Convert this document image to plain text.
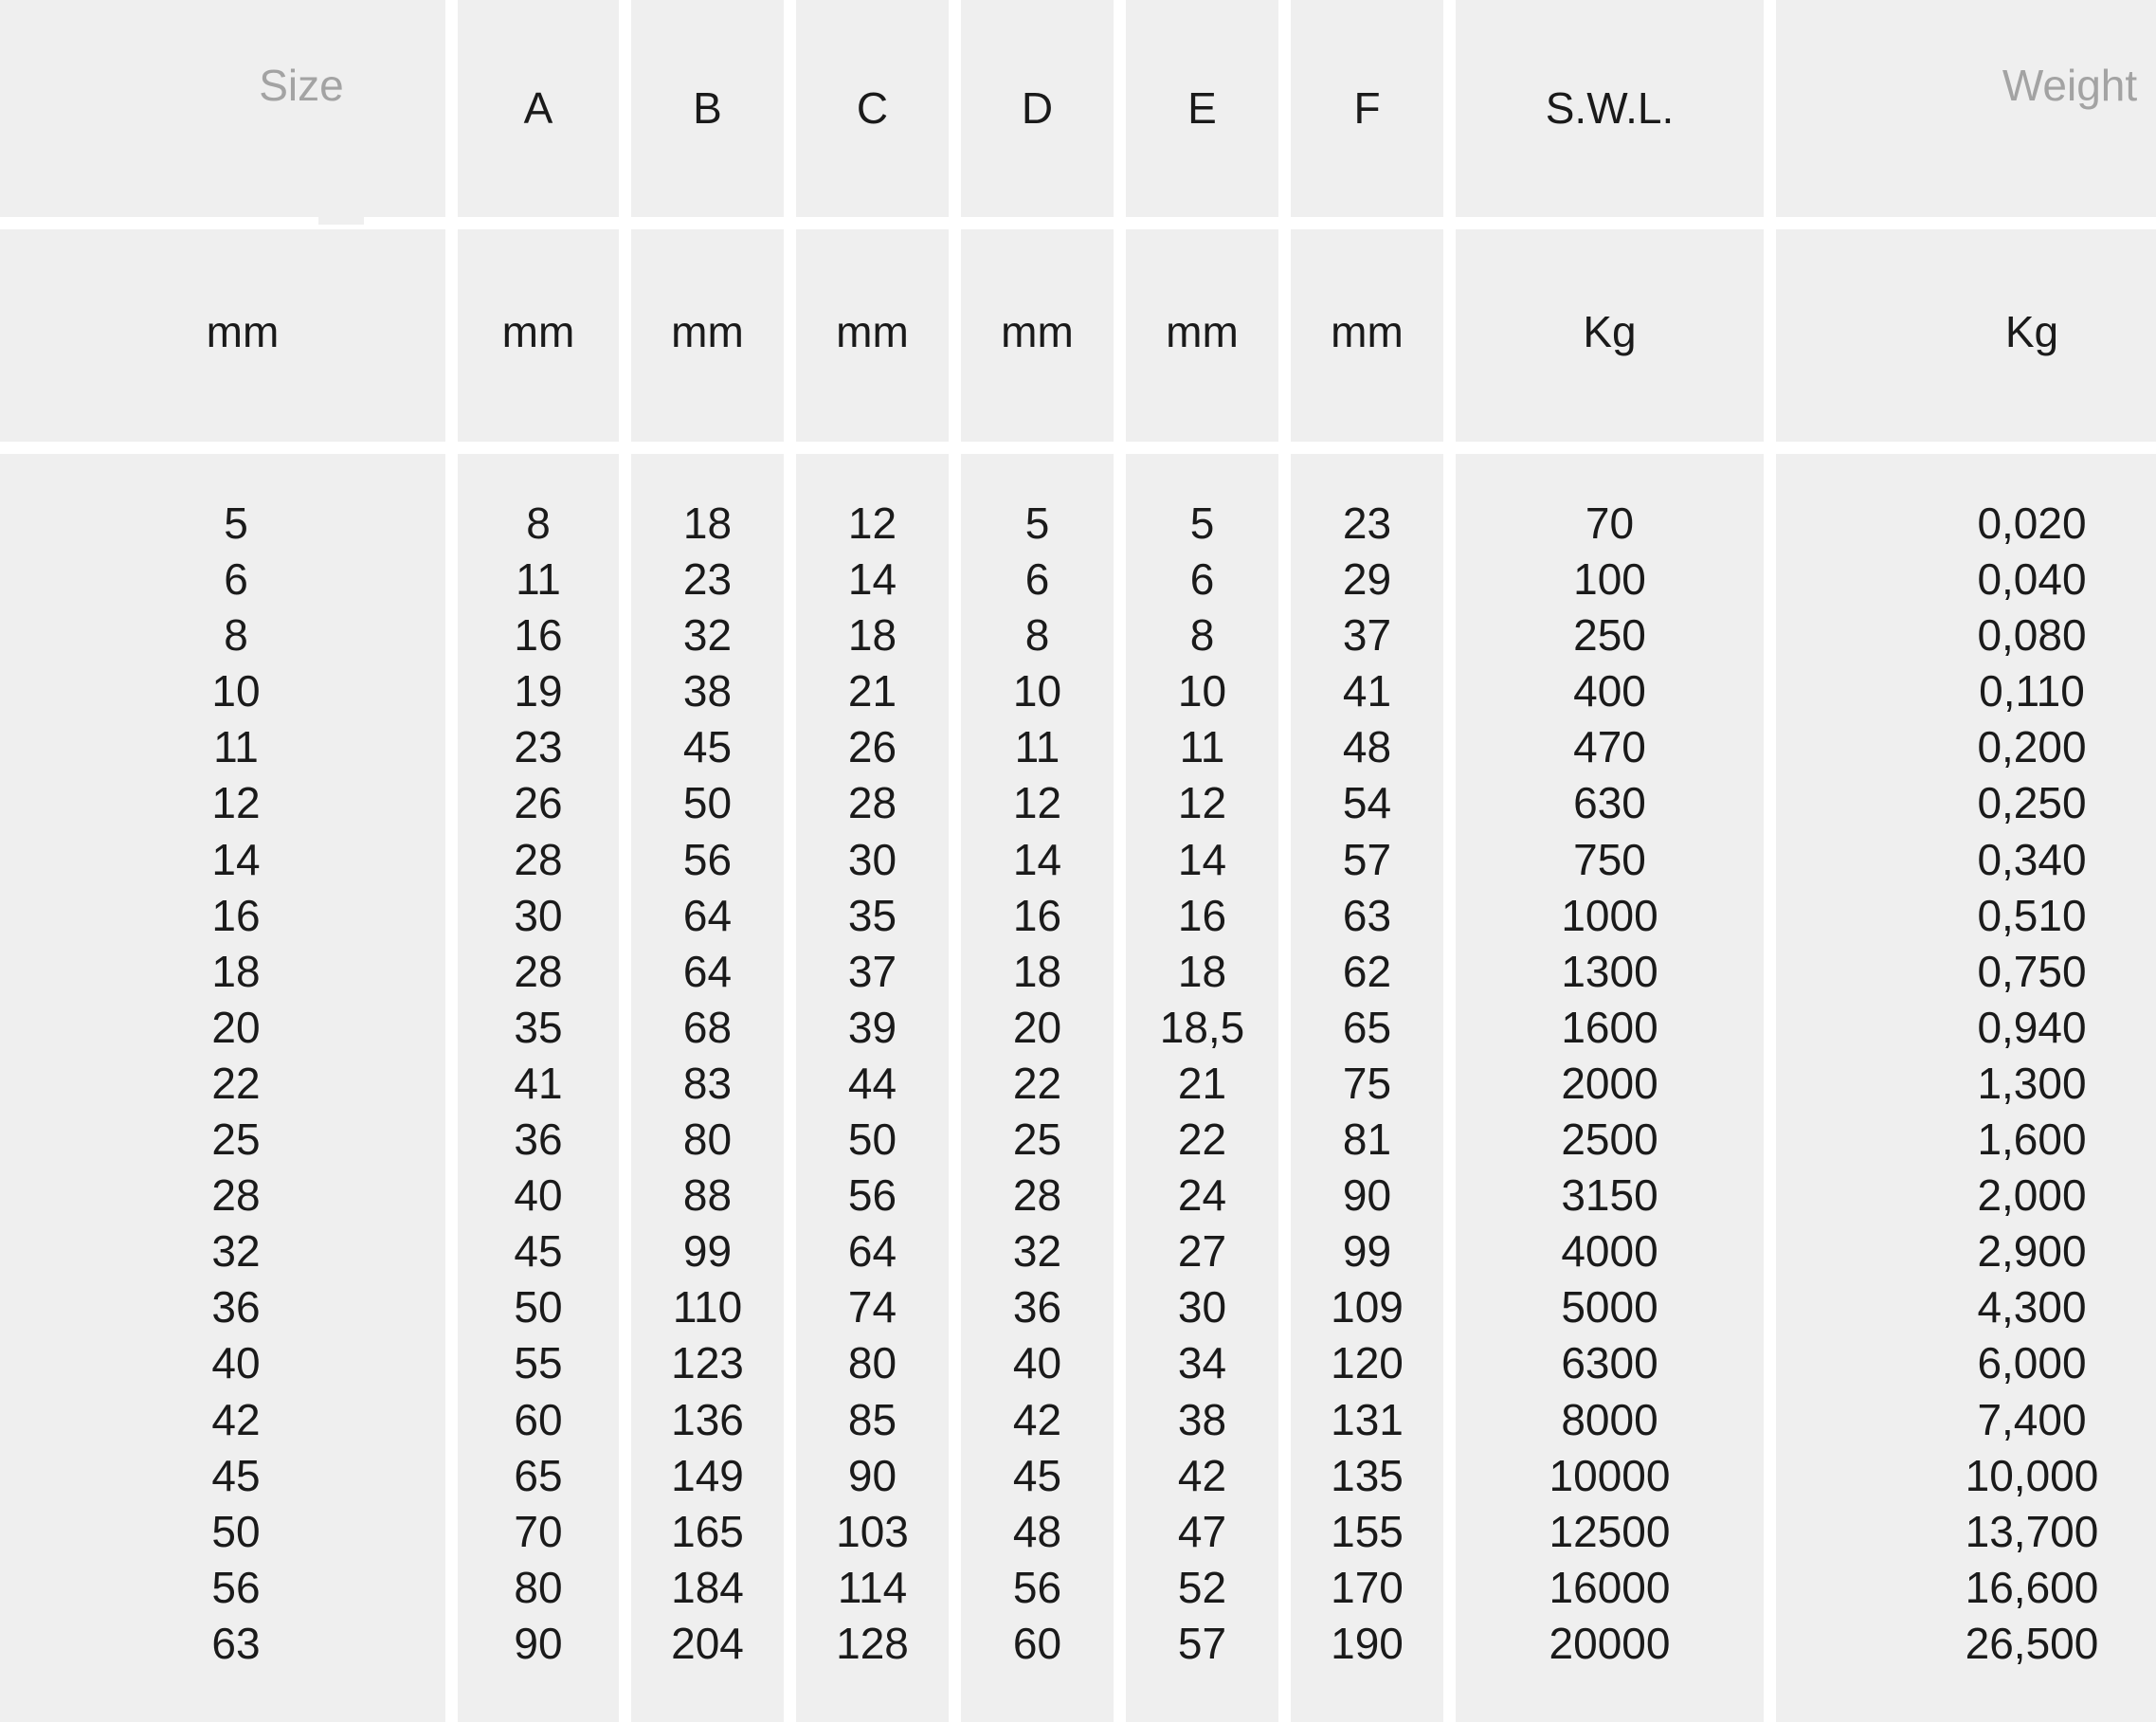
Size
mm
5
6
8
10
11
12
14
16
18
20
22
25
28
32
36
40
42
45
50
56
63
A
mm
8
11
16
19
23
26
28
30
28
35
41
36
40
45
50
55
60
65
70
80
90
B
mm
18
23
32
38
45
50
56
64
64
68
83
80
88
99
110
123
136
149
165
184
204
C
mm
12
14
18
21
26
28
30
35
37
39
44
50
56
64
74
80
85
90
103
114
128
D
mm
5
6
8
10
11
12
14
16
18
20
22
25
28
32
36
40
42
45
48
56
60
E
mm
5
6
8
10
11
12
14
16
18
18,5
21
22
24
27
30
34
38
42
47
52
57
F
mm
23
29
37
41
48
54
57
63
62
65
75
81
90
99
109
120
131
135
155
170
190
S.W.L.
Kg
70
100
250
400
470
630
750
1000
1300
1600
2000
2500
3150
4000
5000
6300
8000
10000
12500
16000
20000
Weight
Kg
0,020
0,040
0,080
0,110
0,200
0,250
0,340
0,510
0,750
0,940
1,300
1,600
2,000
2,900
4,300
6,000
7,400
10,000
13,700
16,600
26,500
